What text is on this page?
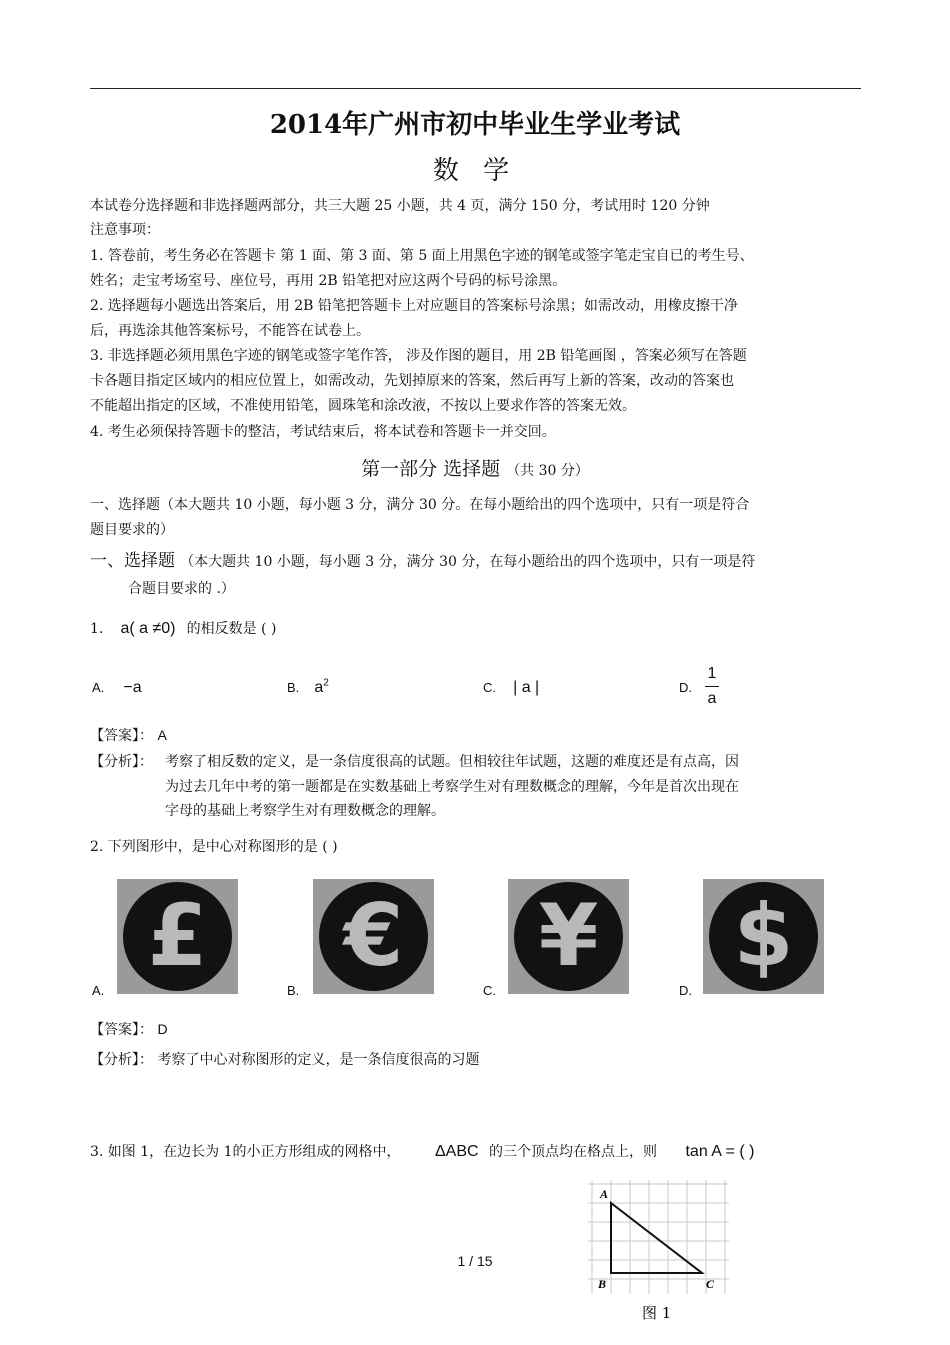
2014年广州市初中毕业生学业考试
数 学
本试卷分选择题和非选择题两部分，共三大题 25 小题，共 4 页，满分 150 分，考试用时 120 分钟
注意事项：
1. 答卷前，考生务必在答题卡 第 1 面、第 3 面、第 5 面上用黑色字迹的钢笔或签字笔走宝自已的考生号、
姓名；走宝考场室号、座位号，再用 2B 铅笔把对应这两个号码的标号涂黑。
2. 选择题每小题选出答案后，用 2B 铅笔把答题卡上对应题目的答案标号涂黑；如需改动，用橡皮擦干净
后，再选涂其他答案标号，不能答在试卷上。
3. 非选择题必须用黑色字迹的钢笔或签字笔作答， 涉及作图的题目，用 2B 铅笔画图 ，答案必须写在答题
卡各题目指定区域内的相应位置上，如需改动，先划掉原来的答案，然后再写上新的答案，改动的答案也
不能超出指定的区域，不准使用铅笔，圆珠笔和涂改液，不按以上要求作答的答案无效。
4. 考生必须保持答题卡的整洁，考试结束后，将本试卷和答题卡一并交回。
第一部分 选择题 （共 30 分）
一、选择题（本大题共 10 小题，每小题 3 分，满分 30 分。在每小题给出的四个选项中，只有一项是符合
题目要求的）
一、选择题 （本大题共 10 小题，每小题 3 分，满分 30 分，在每小题给出的四个选项中，只有一项是符
合题目要求的 .）
1. a( a ≠0) 的相反数是 ( )
A. −a	B. $a^2$	C. | a |	D.
1
a
【答案】： A
【分析】： 考察了相反数的定义，是一条信度很高的试题。但相较往年试题，这题的难度还是有点高，因
为过去几年中考的第一题都是在实数基础上考察学生对有理数概念的理解，今年是首次出现在
字母的基础上考察学生对有理数概念的理解。
2. 下列图形中，是中心对称图形的是 ( )
£	€	¥	$
A.	B.	C.	D.
【答案】： D
【分析】： 考察了中心对称图形的定义，是一条信度很高的习题
3. 如图 1，在边长为 1的小正方形组成的网格中， ΔABC 的三个顶点均在格点上，则 tan A = ( )
1 / 15
A
B	C
图 1
